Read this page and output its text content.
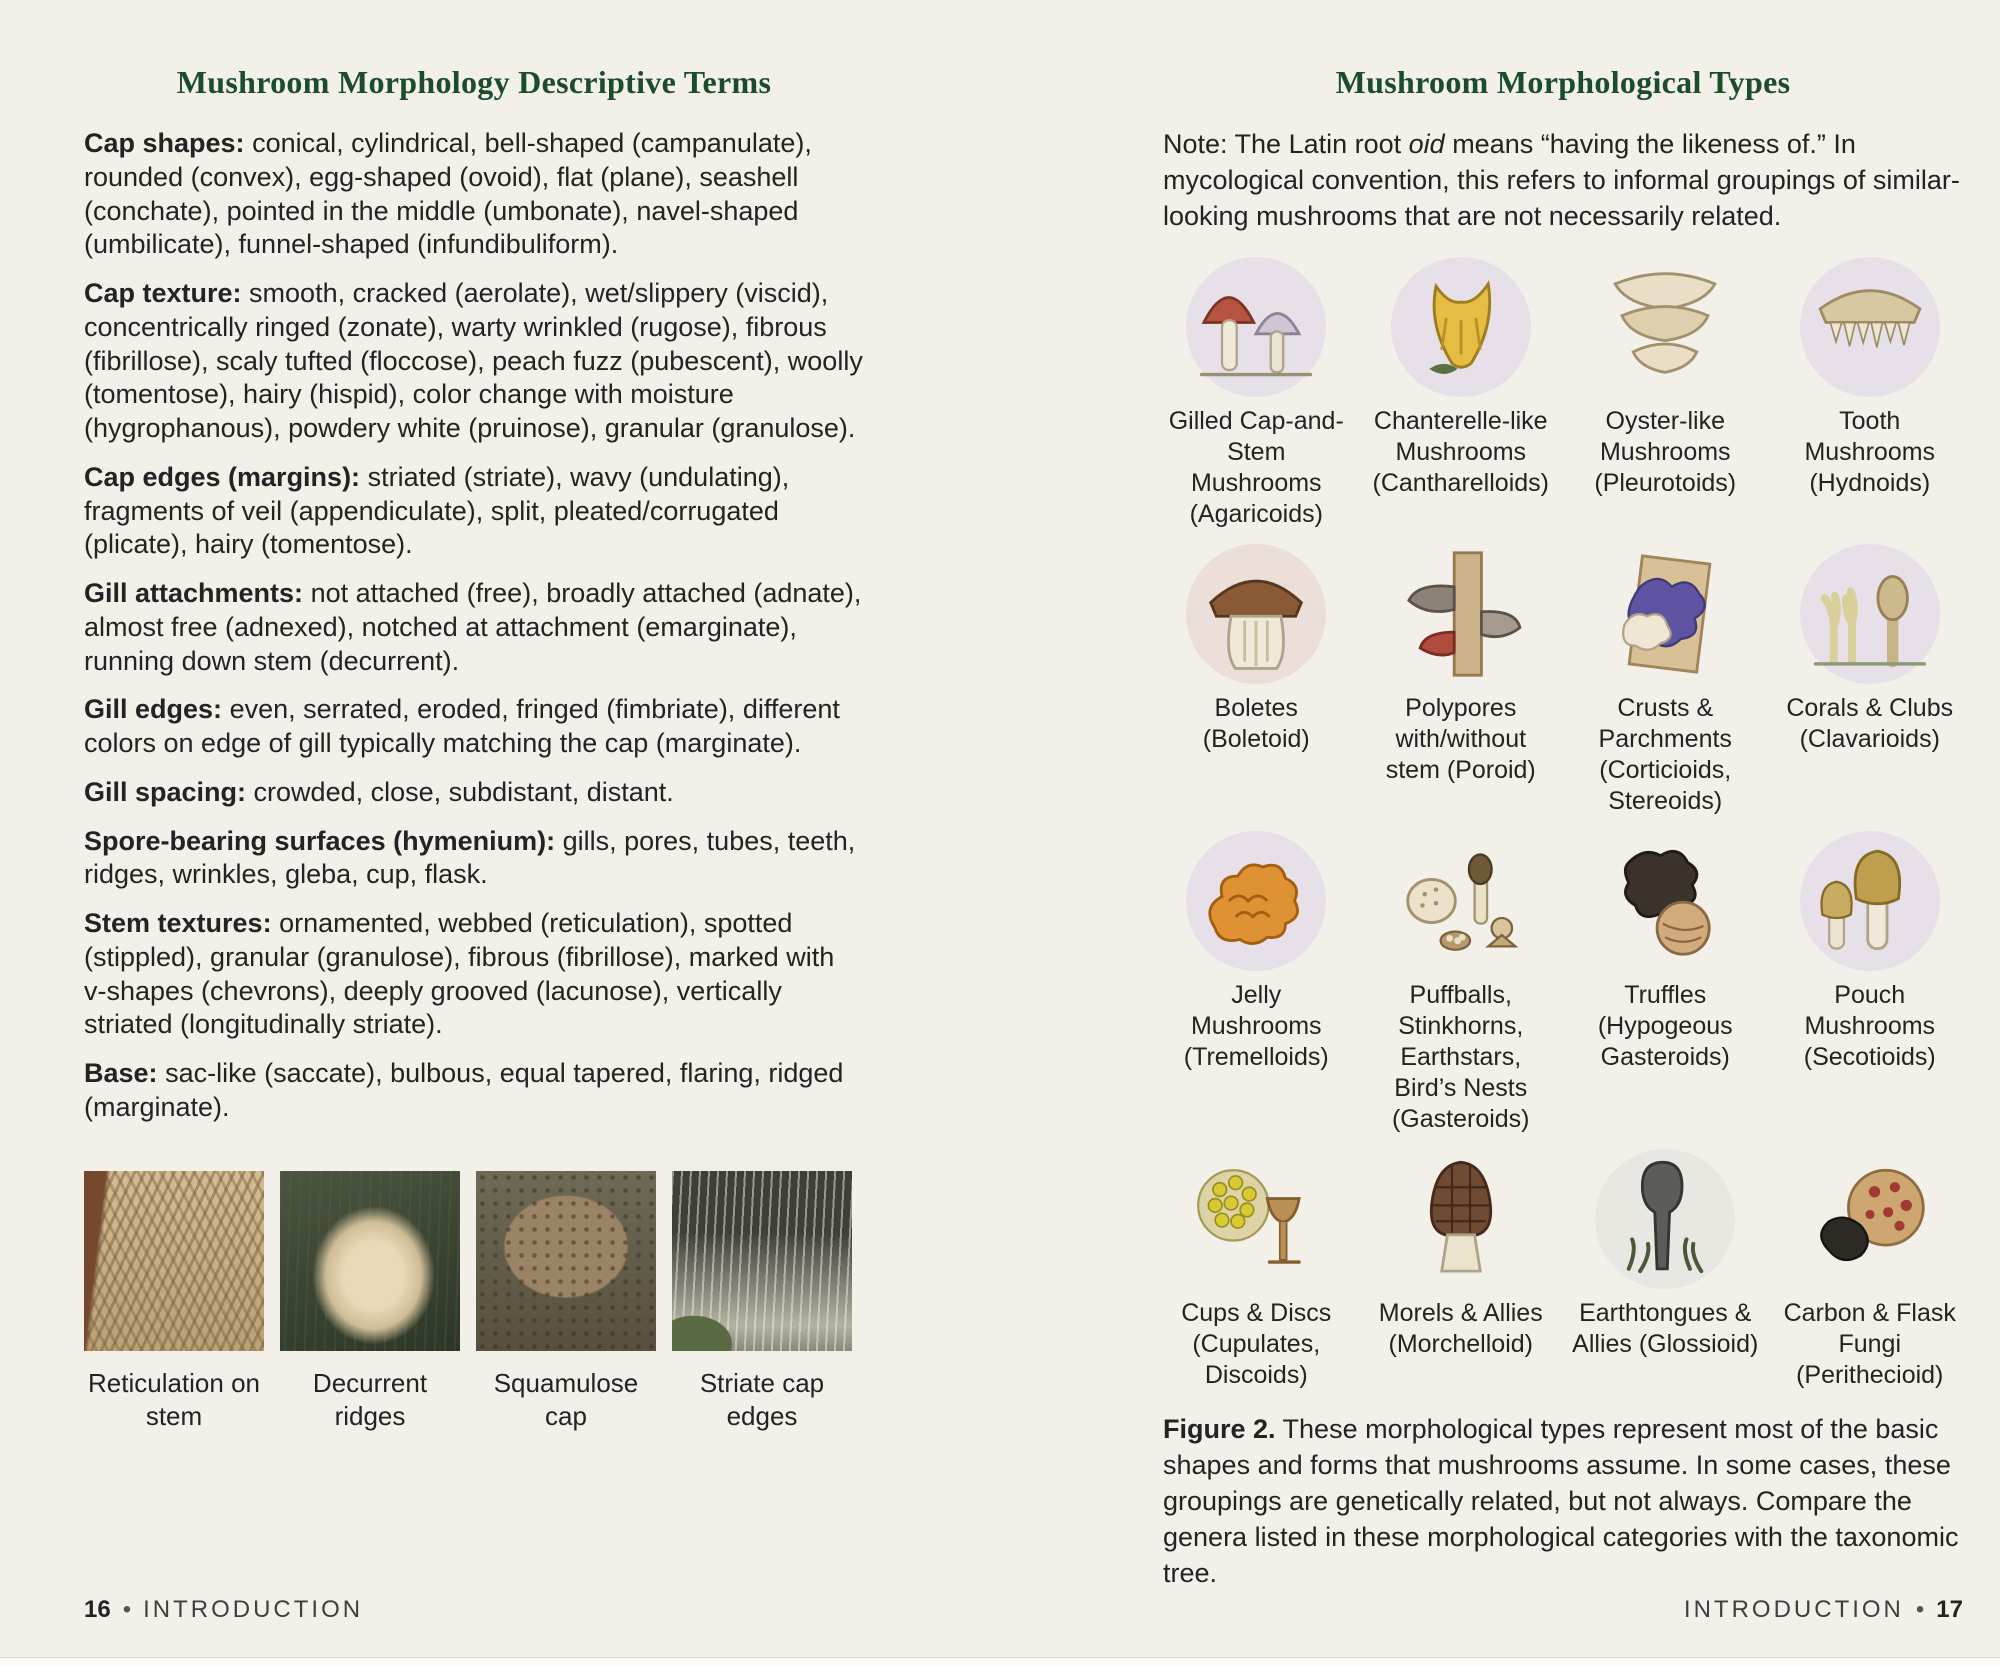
Mushroom Morphology Descriptive Terms

Cap shapes: conical, cylindrical, bell-shaped (campanulate), rounded (convex), egg-shaped (ovoid), flat (plane), seashell (conchate), pointed in the middle (umbonate), navel-shaped (umbilicate), funnel-shaped (infundibuliform).

Cap texture: smooth, cracked (aerolate), wet/slippery (viscid), concentrically ringed (zonate), warty wrinkled (rugose), fibrous (fibrillose), scaly tufted (floccose), peach fuzz (pubescent), woolly (tomentose), hairy (hispid), color change with moisture (hygrophanous), powdery white (pruinose), granular (granulose).

Cap edges (margins): striated (striate), wavy (undulating), fragments of veil (appendiculate), split, pleated/corrugated (plicate), hairy (tomentose).

Gill attachments: not attached (free), broadly attached (adnate), almost free (adnexed), notched at attachment (emarginate), running down stem (decurrent).

Gill edges: even, serrated, eroded, fringed (fimbriate), different colors on edge of gill typically matching the cap (marginate).

Gill spacing: crowded, close, subdistant, distant.

Spore-bearing surfaces (hymenium): gills, pores, tubes, teeth, ridges, wrinkles, gleba, cup, flask.

Stem textures: ornamented, webbed (reticulation), spotted (stippled), granular (granulose), fibrous (fibrillose), marked with v-shapes (chevrons), deeply grooved (lacunose), vertically striated (longitudinally striate).

Base: sac-like (saccate), bulbous, equal tapered, flaring, ridged (marginate).

Reticulation on stem
Decurrent ridges
Squamulose cap
Striate cap edges
Mushroom Morphological Types

Note: The Latin root oid means “having the likeness of.” In mycological convention, this refers to informal groupings of similar-looking mushrooms that are not necessarily related.

Gilled Cap-and-Stem Mushrooms (Agaricoids)
Chanterelle-like Mushrooms (Cantharelloids)
Oyster-like Mushrooms (Pleurotoids)
Tooth Mushrooms (Hydnoids)
Boletes (Boletoid)
Polypores with/without stem (Poroid)
Crusts & Parchments (Corticioids, Stereoids)
Corals & Clubs (Clavarioids)
Jelly Mushrooms (Tremelloids)
Puffballs, Stinkhorns, Earthstars, Bird’s Nests (Gasteroids)
Truffles (Hypogeous Gasteroids)
Pouch Mushrooms (Secotioids)
Cups & Discs (Cupulates, Discoids)
Morels & Allies (Morchelloid)
Earthtongues & Allies (Glossioid)
Carbon & Flask Fungi (Perithecioid)

Figure 2. These morphological types represent most of the basic shapes and forms that mushrooms assume. In some cases, these groupings are genetically related, but not always. Compare the genera listed in these morphological categories with the taxonomic tree.

16 • INTRODUCTION	INTRODUCTION • 17
